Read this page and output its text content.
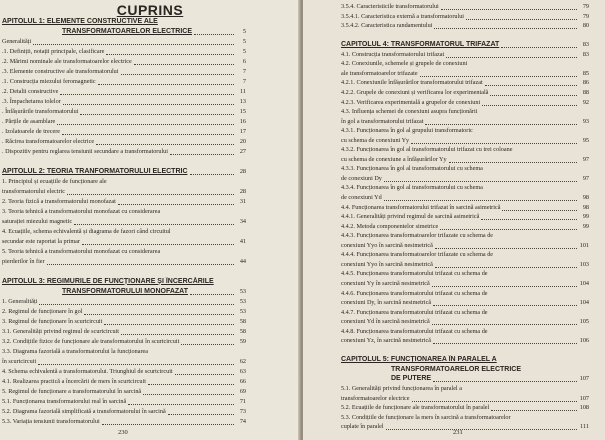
CUPRINS
APITOLUL 1: ELEMENTE CONSTRUCTIVE ALE
TRANSFORMATOARELOR ELECTRICE	5
Generalități	5
.1. Definiții, notații principale, clasificare	5
.2. Mărimi nominale ale transformatoarelor electrice	6
.3. Elemente constructive ale transformatorului	7
.1. Construcția miezului feromagnetic	7
.2. Detalii constructive	11
.3. Împachetarea tolelor	13
. Înfășurările transformatorului	15
. Părțile de asamblare	16
. Izolatoarele de trecere	17
. Răcirea transformatoarelor electrice	20
. Dispozitiv pentru reglarea tensiunii secundare a transformatorului	27
APITOLUL 2: TEORIA TRANFORMATORULUI ELECTRIC	28
1. Principiul și ecuațiile de funcționare ale
transformatorului electric	28
2. Teoria fizică a transformatorului monofazat	31
3. Teoria tehnică a transformatorului monofazat cu considerarea
saturației miezului magnetic	34
4. Ecuațiile, schema echivalentă și diagrama de fazori când circuitul
secundar este raportat la primar	41
5. Teoria tehnică a transformatorului monofazat cu considerarea
pierderilor în fier	44
APITOLUL 3: REGIMURILE DE FUNCȚIONARE ȘI ÎNCERCĂRILE
TRANSFORMATORULUI MONOFAZAT	53
1. Generalități	53
2. Regimul de funcționare în gol	53
3. Regimul de funcționare în scurtcircuit	58
3.1. Generalități privind regimul de scurtcircuit	58
3.2. Condițiile fizice de funcționare ale transformatorului în scurtcircuit	59
3.3. Diagrama fazorială a transformatorului la funcționarea
în scurtcircuit	62
4. Schema echivalentă a transformatorului. Triunghiul de scurtcircuit	63
4.1. Realizarea practică a încercării de mers în scurtcircuit	66
5. Regimul de funcționare a transformatorului în sarcină	69
5.1. Funcționarea transformatorului real în sarcină	71
5.2. Diagrama fazorială simplificată a transformatorului în sarcină	73
5.3. Variația tensiunii transformatorului	74
230
3.5.4. Caracteristicile transformatorului	79
3.5.4.1. Caracteristica externă a transformatorului	79
3.5.4.2. Caracteristica randamentului	80
CAPITOLUL 4: TRANSFORMATORUL TRIFAZAT	83
4.1. Construcția transformatorului trifazat	83
4.2. Conexiunile, schemele și grupele de conexiuni
ale transformatoarelor trifazate	85
4.2.1. Conexiunile înfășurărilor transformatorului trifazat	86
4.2.2. Grupele de conexiuni și verificarea lor experimentală	88
4.2.3. Verificarea experimentală a grupelor de conexiuni	92
4.3. Influența schemei de conexiuni asupra funcționării
în gol a transformatorului trifazat	93
4.3.1. Funcționarea în gol al grupului transformatoric
cu schema de conexiuni Yy	95
4.3.2. Funcționarea în gol al transformatorului trifazat cu trei coloane
cu schema de conexiune a înfășurărilor Yy	97
4.3.3. Funcționarea în gol al transformatorului cu schema
de conexiuni Dy	97
4.3.4. Funcționarea în gol al transformatorului cu schema
de conexiuni Yd	98
4.4. Funcționarea transformatorului trifazat în sarcină asimetrică	98
4.4.1. Generalități privind regimul de sarcină asimetrică	99
4.4.2. Metoda componentelor simetrice	99
4.4.3. Funcționarea transformatoarelor trifazate cu schema de
conexiuni Yyo în sarcină nesimetrică	101
4.4.4. Funcționarea transformatoarelor trifazate cu schema de
conexiuni Yyo în sarcină nesimetrică	103
4.4.5. Funcționarea transformatorului trifazat cu schema de
conexiuni Yy în sarcină nesimetrică	104
4.4.6. Funcționarea transformatorului trifazat cu schema de
conexiuni Dy, în sarcină nesimetrică	104
4.4.7. Funcționarea transformatorului trifazat cu schema de
conexiuni Yd în sarcină nesimetrică	105
4.4.8. Funcționarea transformatorului trifazat cu schema de
conexiuni Yz, în sarcină nesimetrică	106
CAPITOLUL 5: FUNCȚIONAREA ÎN PARALEL A
TRANSFORMATOARELOR ELECTRICE
DE PUTERE	107
5.1. Generalități privind funcționarea în paralel a
transformatoarelor electrice	107
5.2. Ecuațiile de funcționare ale transformatorului în paralel	108
5.3. Condițiile de funcționare la mers în sarcină a transformatoarelor
cuplate în paralel	111
231
